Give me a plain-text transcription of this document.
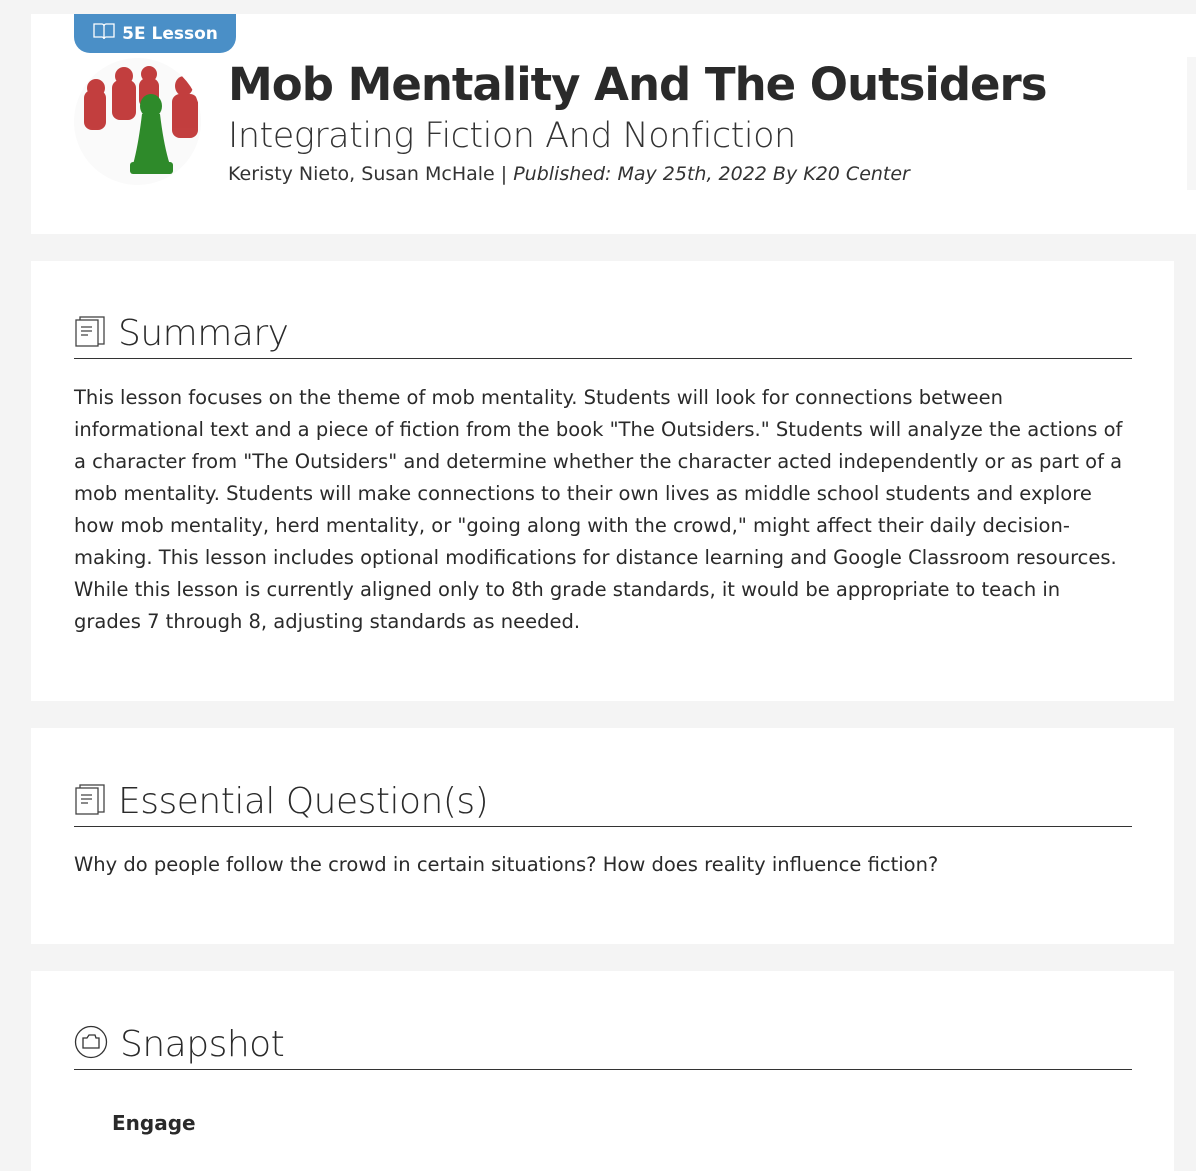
5E Lesson
Mob Mentality And The Outsiders
Integrating Fiction And Nonfiction
Keristy Nieto, Susan McHale | Published: May 25th, 2022 By K20 Center
Summary

This lesson focuses on the theme of mob mentality. Students will look for connections between informational text and a piece of fiction from the book "The Outsiders." Students will analyze the actions of a character from "The Outsiders" and determine whether the character acted independently or as part of a mob mentality. Students will make connections to their own lives as middle school students and explore how mob mentality, herd mentality, or "going along with the crowd," might affect their daily decision-making. This lesson includes optional modifications for distance learning and Google Classroom resources. While this lesson is currently aligned only to 8th grade standards, it would be appropriate to teach in grades 7 through 8, adjusting standards as needed.

Essential Question(s)

Why do people follow the crowd in certain situations? How does reality influence fiction?

Snapshot
Engage
